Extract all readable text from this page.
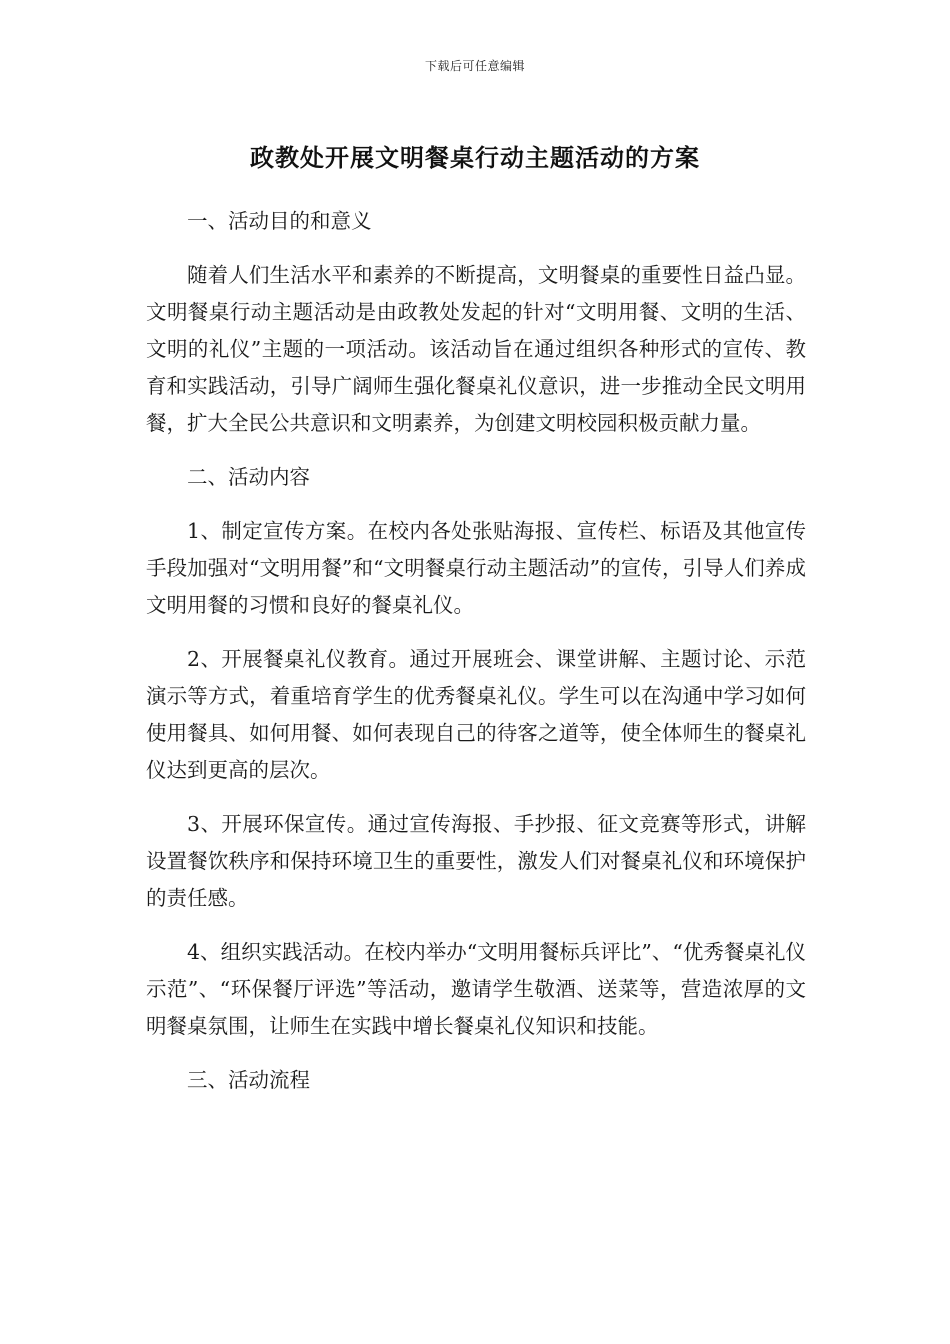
下载后可任意编辑
政教处开展文明餐桌行动主题活动的方案

一、活动目的和意义

随着人们生活水平和素养的不断提高，文明餐桌的重要性日益凸显。文明餐桌行动主题活动是由政教处发起的针对“文明用餐、文明的生活、文明的礼仪”主题的一项活动。该活动旨在通过组织各种形式的宣传、教育和实践活动，引导广阔师生强化餐桌礼仪意识，进一步推动全民文明用餐，扩大全民公共意识和文明素养，为创建文明校园积极贡献力量。

二、活动内容

1、制定宣传方案。在校内各处张贴海报、宣传栏、标语及其他宣传手段加强对“文明用餐”和“文明餐桌行动主题活动”的宣传，引导人们养成文明用餐的习惯和良好的餐桌礼仪。

2、开展餐桌礼仪教育。通过开展班会、课堂讲解、主题讨论、示范演示等方式，着重培育学生的优秀餐桌礼仪。学生可以在沟通中学习如何使用餐具、如何用餐、如何表现自己的待客之道等，使全体师生的餐桌礼仪达到更高的层次。

3、开展环保宣传。通过宣传海报、手抄报、征文竞赛等形式，讲解设置餐饮秩序和保持环境卫生的重要性，激发人们对餐桌礼仪和环境保护的责任感。

4、组织实践活动。在校内举办“文明用餐标兵评比”、“优秀餐桌礼仪示范”、“环保餐厅评选”等活动，邀请学生敬酒、送菜等，营造浓厚的文明餐桌氛围，让师生在实践中增长餐桌礼仪知识和技能。

三、活动流程
